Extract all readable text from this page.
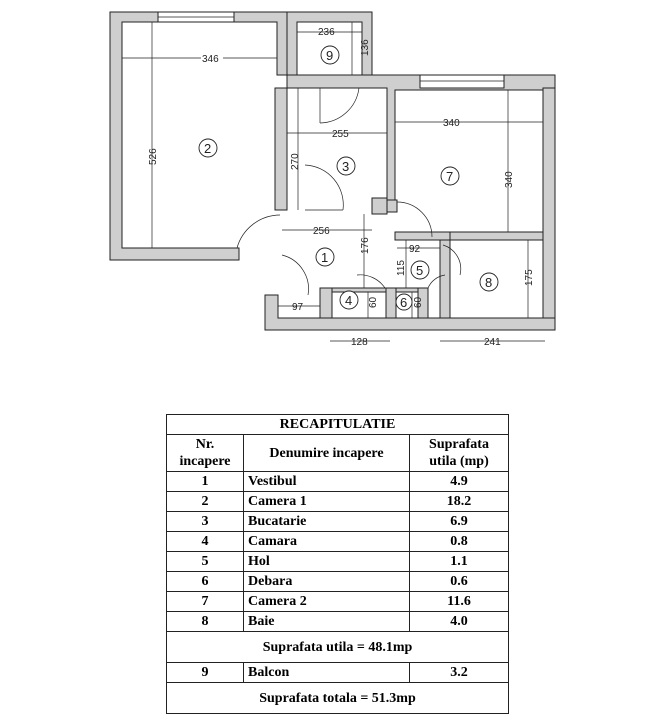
346
526
236
136
255
270
340
340
256
176	92
115
175
97	60	60
128	241
9
2
3
7
1
5
8
4	6
RECAPITULATIE		
Nr.
incapere	Denumire incapere	Suprafata
utila (mp)
1	Vestibul	4.9
2	Camera 1	18.2
3	Bucatarie	6.9
4	Camara	0.8
5	Hol	1.1
6	Debara	0.6
7	Camera 2	11.6
8	Baie	4.0
Suprafata utila = 48.1mp		
9	Balcon	3.2
Suprafata totala = 51.3mp		
